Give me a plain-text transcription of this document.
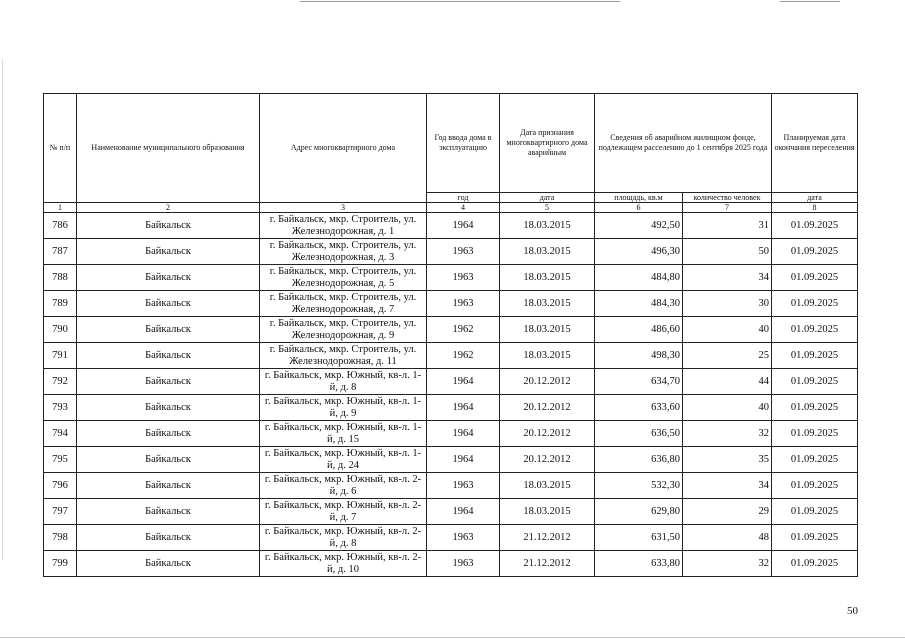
№ п/п	Наименование муниципального образования	Адрес многоквартирного дома	Год ввода дома в эксплуатацию	Дата признания многоквартирного дома аварийным	Сведения об аварийном жилищном фонде, подлежащем расселению до 1 сентября 2025 года		Планируемая дата окончания переселения
			год	дата	площадь, кв.м	количество человек	дата
1	2	3	4	5	6	7	8
786	Байкальск	г. Байкальск, мкр. Строитель, ул. Железнодорожная, д. 1	1964	18.03.2015	492,50	31	01.09.2025
787	Байкальск	г. Байкальск, мкр. Строитель, ул. Железнодорожная, д. 3	1963	18.03.2015	496,30	50	01.09.2025
788	Байкальск	г. Байкальск, мкр. Строитель, ул. Железнодорожная, д. 5	1963	18.03.2015	484,80	34	01.09.2025
789	Байкальск	г. Байкальск, мкр. Строитель, ул. Железнодорожная, д. 7	1963	18.03.2015	484,30	30	01.09.2025
790	Байкальск	г. Байкальск, мкр. Строитель, ул. Железнодорожная, д. 9	1962	18.03.2015	486,60	40	01.09.2025
791	Байкальск	г. Байкальск, мкр. Строитель, ул. Железнодорожная, д. 11	1962	18.03.2015	498,30	25	01.09.2025
792	Байкальск	г. Байкальск, мкр. Южный, кв-л. 1-й, д. 8	1964	20.12.2012	634,70	44	01.09.2025
793	Байкальск	г. Байкальск, мкр. Южный, кв-л. 1-й, д. 9	1964	20.12.2012	633,60	40	01.09.2025
794	Байкальск	г. Байкальск, мкр. Южный, кв-л. 1-й, д. 15	1964	20.12.2012	636,50	32	01.09.2025
795	Байкальск	г. Байкальск, мкр. Южный, кв-л. 1-й, д. 24	1964	20.12.2012	636,80	35	01.09.2025
796	Байкальск	г. Байкальск, мкр. Южный, кв-л. 2-й, д. 6	1963	18.03.2015	532,30	34	01.09.2025
797	Байкальск	г. Байкальск, мкр. Южный, кв-л. 2-й, д. 7	1964	18.03.2015	629,80	29	01.09.2025
798	Байкальск	г. Байкальск, мкр. Южный, кв-л. 2-й, д. 8	1963	21.12.2012	631,50	48	01.09.2025
799	Байкальск	г. Байкальск, мкр. Южный, кв-л. 2-й, д. 10	1963	21.12.2012	633,80	32	01.09.2025
50
